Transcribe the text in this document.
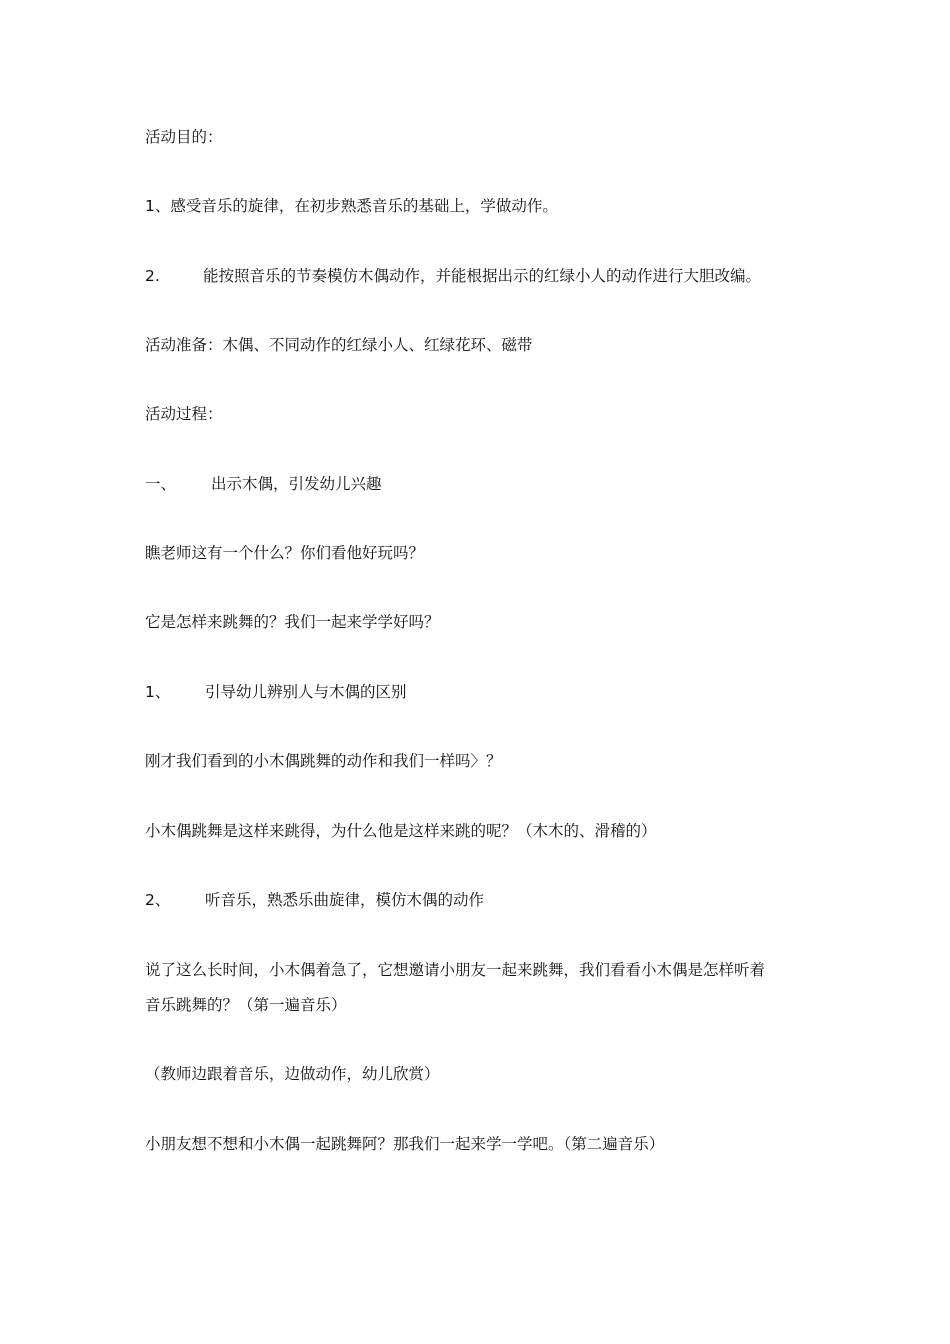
活动目的：

1、感受音乐的旋律，在初步熟悉音乐的基础上，学做动作。

2.	能按照音乐的节奏模仿木偶动作，并能根据出示的红绿小人的动作进行大胆改编。

活动准备：木偶、不同动作的红绿小人、红绿花环、磁带

活动过程：

一、 出示木偶，引发幼儿兴趣

瞧老师这有一个什么？你们看他好玩吗？

它是怎样来跳舞的？我们一起来学学好吗？

1、 引导幼儿辨别人与木偶的区别

刚才我们看到的小木偶跳舞的动作和我们一样吗〉？

小木偶跳舞是这样来跳得，为什么他是这样来跳的呢？（木木的、滑稽的）

2、 听音乐，熟悉乐曲旋律，模仿木偶的动作

说了这么长时间，小木偶着急了，它想邀请小朋友一起来跳舞，我们看看小木偶是怎样听着

音乐跳舞的？（第一遍音乐）

（教师边跟着音乐，边做动作，幼儿欣赏）

小朋友想不想和小木偶一起跳舞阿？那我们一起来学一学吧。（第二遍音乐）
